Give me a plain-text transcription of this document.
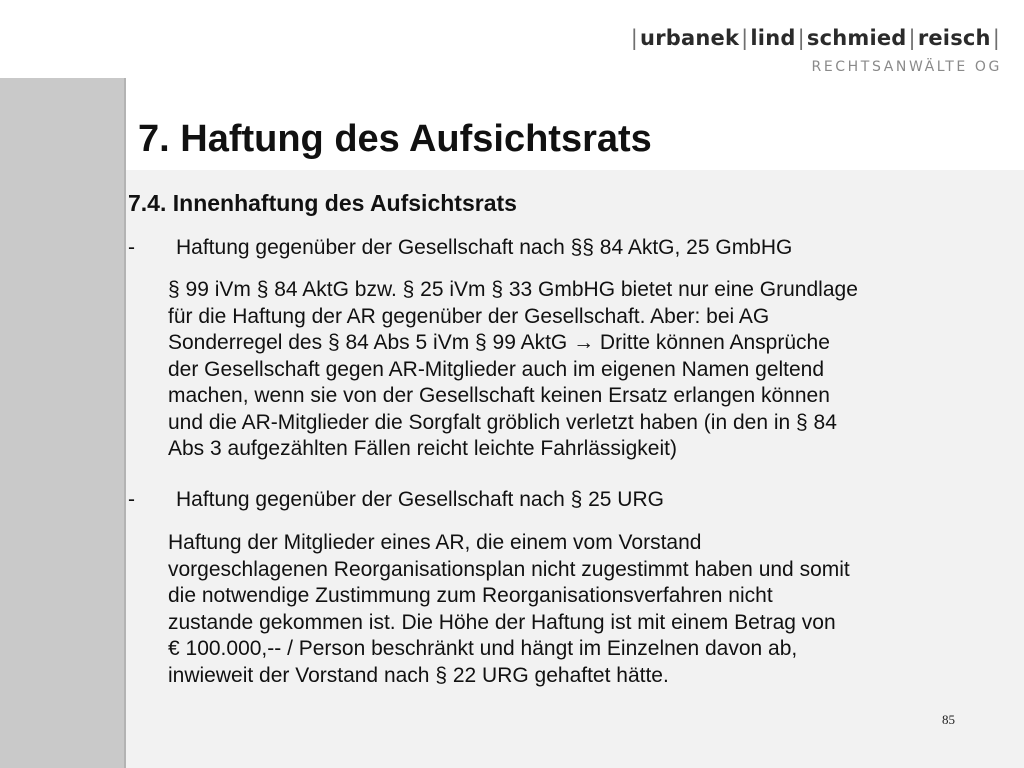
|urbanek|lind|schmied|reisch|
RECHTSANWÄLTE OG
7. Haftung des Aufsichtsrats
7.4. Innenhaftung des Aufsichtsrats
- Haftung gegenüber der Gesellschaft nach §§ 84 AktG, 25 GmbHG

§ 99 iVm § 84 AktG bzw. § 25 iVm § 33 GmbHG bietet nur eine Grundlage
für die Haftung der AR gegenüber der Gesellschaft. Aber: bei AG
Sonderregel des § 84 Abs 5 iVm § 99 AktG → Dritte können Ansprüche
der Gesellschaft gegen AR-Mitglieder auch im eigenen Namen geltend
machen, wenn sie von der Gesellschaft keinen Ersatz erlangen können
und die AR-Mitglieder die Sorgfalt gröblich verletzt haben (in den in § 84
Abs 3 aufgezählten Fällen reicht leichte Fahrlässigkeit)

- Haftung gegenüber der Gesellschaft nach § 25 URG

Haftung der Mitglieder eines AR, die einem vom Vorstand
vorgeschlagenen Reorganisationsplan nicht zugestimmt haben und somit
die notwendige Zustimmung zum Reorganisationsverfahren nicht
zustande gekommen ist. Die Höhe der Haftung ist mit einem Betrag von
€ 100.000,-- / Person beschränkt und hängt im Einzelnen davon ab,
inwieweit der Vorstand nach § 22 URG gehaftet hätte.

85
